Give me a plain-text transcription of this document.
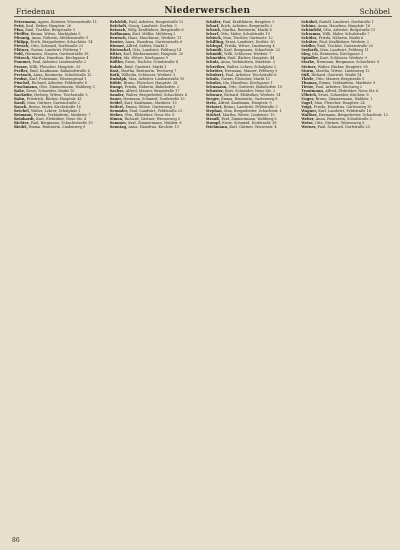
Friedenau	Niederwerschen	Schöbel

Petermann, Agnes, Rentner, Wiesenstraße 11

Petri, Karl, Weber, Hauptstr. 26

Pfau, Emil, Tischler, Bergstraße 3

Pfeiffer, Emma, Witwe, Marktplatz 5

Pfennig, Anna, Näherin, Mühlenstraße 9

Philipp, Erich, Bergarbeiter, Schachtstr. 14

Pietsch, Otto, Schmied, Dorfstraße 22

Plötner, Gustav, Landwirt, Feldweg 7

Pohl, Hermann, Maurer, Gartenstraße 18

Pötzsch, Martha, Hausfrau, Kirchgasse 4

Pommer, Paul, Arbeiter, Lindenstraße 2

Prasse, Willi, Fleischer, Hauptstr. 33

Preller, Emil, Kaufmann, Bahnhofstraße 6

Pretzsch, Anna, Rentnerin, Schulstraße 12

Probst, Karl, Fuhrmann, Wiesengrund 1

Püschel, Richard, Arbeiter, Feldstraße 8

Puschmann, Otto, Zimmermann, Waldweg 3

Rabe, Ernst, Schneider, Markt 10

Rackwitz, Hedwig, Witwe, Teichstraße 5

Rahn, Friedrich, Bäcker, Hauptstr. 41

Ranft, Max, Gärtner, Gartenstraße 2

Rauch, Bruno, Maler, Kirchstraße 16

Reichel, Walter, Lehrer, Schulplatz 1

Reimann, Frieda, Verkäuferin, Marktstr. 7

Reinhardt, Kurt, Elektriker, Neue Str. 4

Richter, Paul, Bergmann, Schachtstraße 19

Riedel, Emma, Rentnerin, Lindenweg 9

Rehfeldt, Paul, Arbeiter, Hauptstraße 12

Reichelt, Georg, Landwirt, Dorfstr. 5

Reinsch, Willy, Kraftfahrer, Bergstraße 8

Reißmann, Karl, Müller, Mühlweg 2

Rentsch, Hans, Maschinist, Werkstr. 11

Reuter, Anna, Hausfrau, Gartenstraße 6

Riemer, Alfred, Sattler, Markt 3

Rietzschel, Otto, Landwirt, Feldweg 14

Ritter, Karl, Bäckermeister, Hauptstr. 20

Röder, Ida, Witwe, Kirchgasse 9

Rößler, Ernst, Tischler, Schulstraße 4

Rohde, Emil, Gastwirt, Markt 1

Rost, Martha, Rentnerin, Teichweg 7

Roth, Wilhelm, Schlosser, Werkstr. 3

Rudolph, Max, Arbeiter, Lindenstraße 10

Rühle, Bruno, Fleischer, Hauptstr. 28

Runge, Frieda, Näherin, Bahnhofstr. 2

Sachse, Alfred, Maurer, Bergstraße 17

Sander, Walter, Bergarbeiter, Schachtstr. 6

Sauer, Hermann, Schmied, Dorfstraße 13

Seidel, Kurt, Kaufmann, Marktstr. 15

Seifert, Emma, Witwe, Gartenweg 3

Semmler, Paul, Landwirt, Feldstraße 21

Sieber, Otto, Elektriker, Neue Str. 9

Simon, Richard, Gärtner, Wiesenweg 5

Sommer, Karl, Zimmermann, Waldstr. 8

Sonntag, Anna, Hausfrau, Kirchstr. 11

Schäfer, Paul, Kraftfahrer, Hauptstr. 5

Scharf, Erich, Arbeiter, Bergstraße 2

Schenk, Martha, Rentnerin, Markt 8

Scherf, Otto, Maler, Schulstraße 19

Schieck, Max, Tischler, Gartenstr. 12

Schilling, Ernst, Landwirt, Dorfstr. 30

Schlegel, Frieda, Witwe, Lindenweg 4

Schmidt, Karl, Bergmann, Schachtstr. 22

Schmidt, Willi, Schlosser, Werkstr. 7

Schneider, Emil, Bäcker, Hauptstr. 44

Scholz, Anna, Verkäuferin, Marktstr. 3

Schreiber, Walter, Lehrer, Schulplatz 2

Schröter, Hermann, Maurer, Feldweg 9

Schubert, Paul, Arbeiter, Teichstraße 6

Schulz, Gustav, Fleischer, Markt 12

Schulze, Ida, Hausfrau, Kirchgasse 1

Schumann, Otto, Gastwirt, Bahnhofstr. 10

Schuster, Kurt, Schneider, Neue Str. 2

Schwarz, Richard, Elektriker, Werkstr. 14

Seeger, Emma, Rentnerin, Gartenweg 8

Stein, Alfred, Kaufmann, Hauptstr. 9

Steinert, Bruno, Landwirt, Feldstraße 3

Stephan, Max, Bergarbeiter, Schachtstr. 1

Stöckel, Martha, Witwe, Lindenstr. 15

Strauß, Paul, Zimmermann, Waldweg 6

Stumpf, Ernst, Schmied, Dorfstraße 18

Teichmann, Karl, Gärtner, Wiesenstr. 4

Schöbel, Rudolf, Landwirt, Dorfstraße 1

Schöne, Anna, Hausfrau, Hauptstr. 16

Schönfeld, Otto, Arbeiter, Bergstraße 11

Schramm, Willi, Maler, Schulstraße 7

Schüler, Frieda, Näherin, Markt 6

Schütze, Paul, Kraftfahrer, Werkstr. 2

Seidler, Emil, Tischler, Gartenstraße 20

Seyfarth, Max, Landwirt, Feldweg 11

Sieg, Ida, Rentnerin, Kirchgasse 3

Spindler, Kurt, Schlosser, Werkstr. 9

Starke, Hermann, Bergmann, Schachtstr. 8

Steiner, Walter, Bäcker, Hauptstr. 38

Sturm, Martha, Witwe, Lindenweg 12

Süß, Richard, Gastwirt, Markt 14

Thiele, Otto, Maurer, Bergstraße 5

Thomas, Emma, Verkäuferin, Marktstr. 9

Tietze, Paul, Arbeiter, Teichweg 2

Trautmann, Alfred, Elektriker, Neue Str. 6

Ulbrich, Ernst, Schneider, Kirchstr. 8

Unger, Bruno, Zimmermann, Waldstr. 1

Vogel, Max, Fleischer, Hauptstr. 24

Voigt, Frieda, Hausfrau, Gartenweg 10

Wagner, Karl, Landwirt, Feldstraße 16

Walther, Hermann, Bergarbeiter, Schachtstr. 12

Weber, Anna, Rentnerin, Schulstraße 3

Weise, Otto, Gärtner, Wiesenweg 9

Werner, Paul, Schmied, Dorfstraße 25

86
